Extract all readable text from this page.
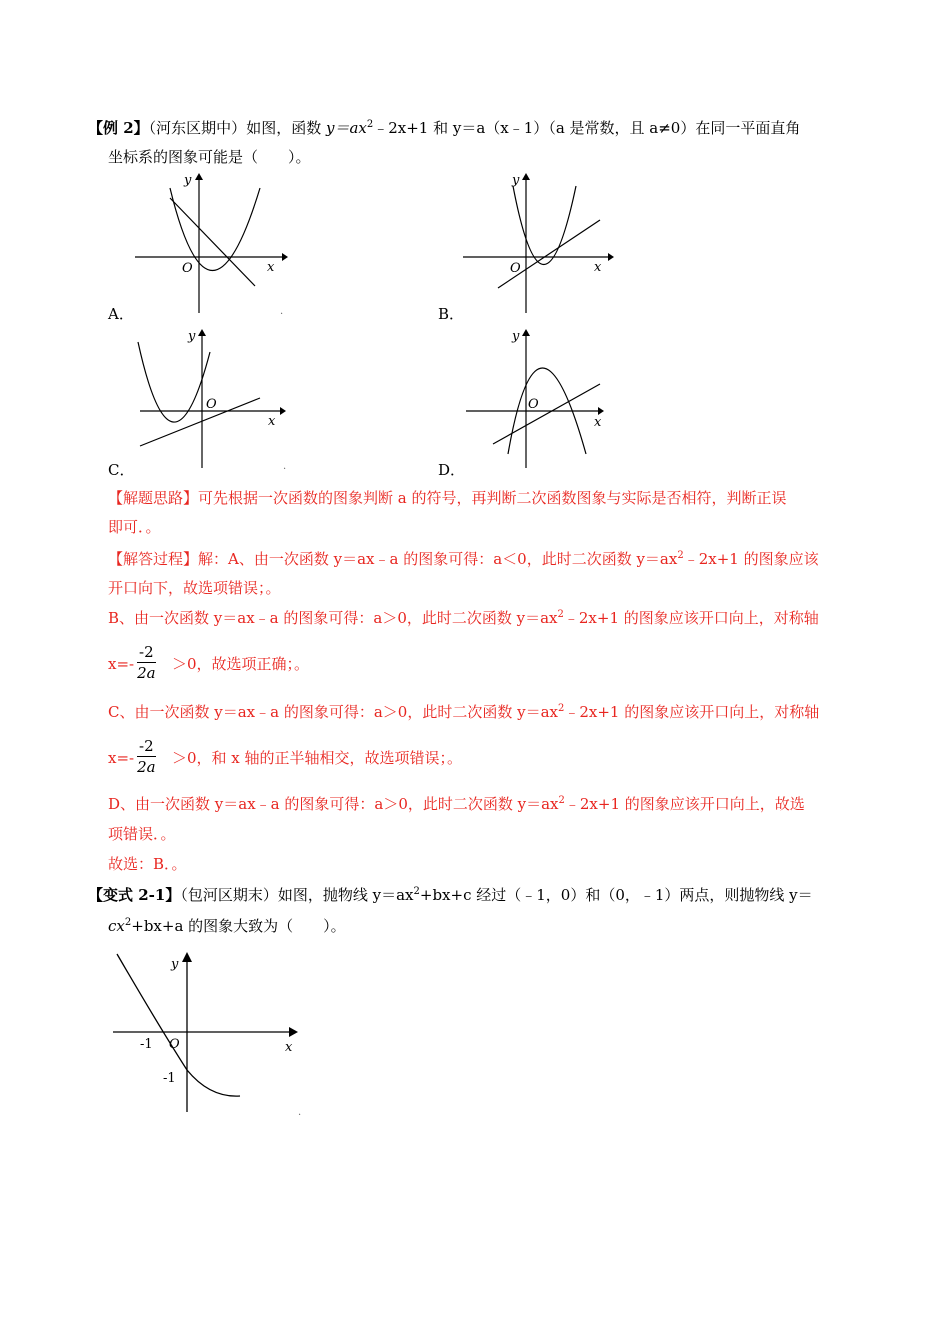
【例 2】（河东区期中）如图，函数 $y=ax^2﹣2x+1$ 和 y＝a（x﹣1）（a 是常数，且 a≠0）在同一平面直角
坐标系的图象可能是（　　）。
y
x
O
A．	.
y
x
O
B．
y
x
O
C．	.
y
x
O
D．
【解题思路】可先根据一次函数的图象判断 a 的符号，再判断二次函数图象与实际是否相符，判断正误
即可．。
【解答过程】解：A、由一次函数 y＝ax﹣a 的图象可得：a＜0，此时二次函数 $y=ax^2﹣2x+1$ 的图象应该
开口向下，故选项错误；。
B、由一次函数 y＝ax﹣a 的图象可得：a＞0，此时二次函数 $y=ax^2﹣2x+1$ 的图象应该开口向上，对称轴
$x=- \frac{-2}{2a} >0$，故选项正确；。
C、由一次函数 y＝ax﹣a 的图象可得：a＞0，此时二次函数 $y=ax^2﹣2x+1$ 的图象应该开口向上，对称轴
$x=- \frac{-2}{2a} >0$，和 x 轴的正半轴相交，故选项错误；。
D、由一次函数 y＝ax﹣a 的图象可得：a＞0，此时二次函数 $y=ax^2﹣2x+1$ 的图象应该开口向上，故选
项错误．。
故选：B．。
【变式 2-1】（包河区期末）如图，抛物线 $y=ax^2+bx+c$ 经过（﹣1，0）和（0，﹣1）两点，则抛物线 y＝
$cx^2+bx+a$ 的图象大致为（　　）。
y
x
O
-1
-1
.
